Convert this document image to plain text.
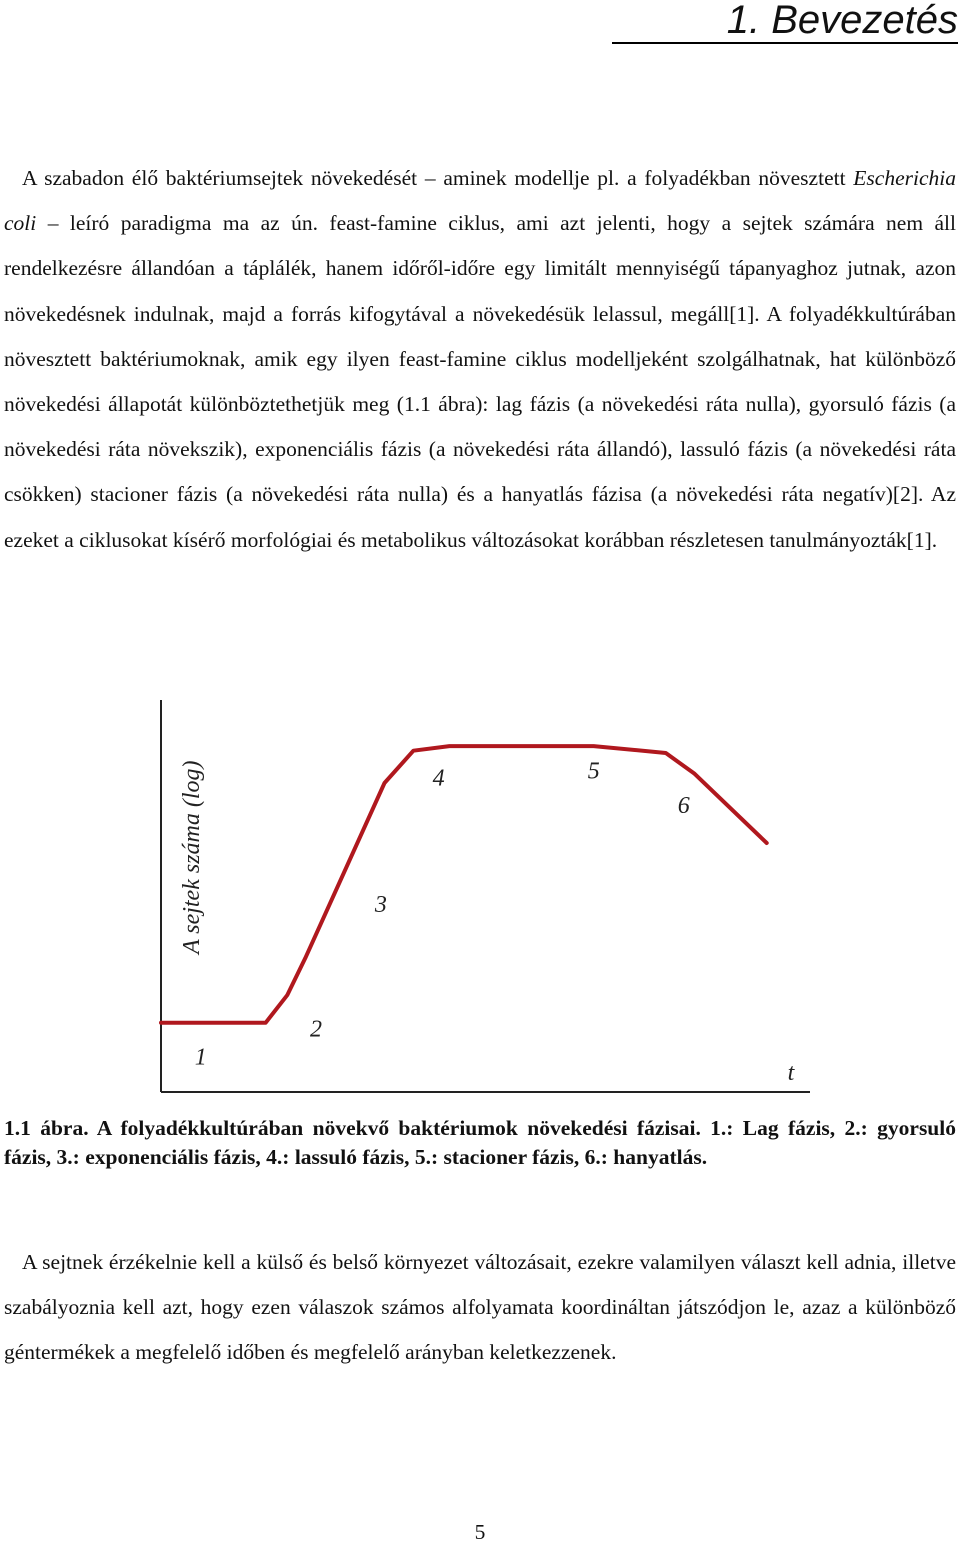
1. Bevezetés

A szabadon élő baktériumsejtek növekedését – aminek modellje pl. a folyadékban növesztett Escherichia coli – leíró paradigma ma az ún. feast-famine ciklus, ami azt jelenti, hogy a sejtek számára nem áll rendelkezésre állandóan a táplálék, hanem időről-időre egy limitált mennyiségű tápanyaghoz jutnak, azon növekedésnek indulnak, majd a forrás kifogytával a növekedésük lelassul, megáll[1]. A folyadékkultúrában növesztett baktériumoknak, amik egy ilyen feast-famine ciklus modelljeként szolgálhatnak, hat különböző növekedési állapotát különböztethetjük meg (1.1 ábra): lag fázis (a növekedési ráta nulla), gyorsuló fázis (a növekedési ráta növekszik), exponenciális fázis (a növekedési ráta állandó), lassuló fázis (a növekedési ráta csökken) stacioner fázis (a növekedési ráta nulla) és a hanyatlás fázisa (a növekedési ráta negatív)[2]. Az ezeket a ciklusokat kísérő morfológiai és metabolikus változásokat korábban részletesen tanulmányozták[1].

A sejtek száma (log)
t
1
2
3
4	5
6

1.1 ábra. A folyadékkultúrában növekvő baktériumok növekedési fázisai. 1.: Lag fázis, 2.: gyorsuló fázis, 3.: exponenciális fázis, 4.: lassuló fázis, 5.: stacioner fázis, 6.: hanyatlás.

A sejtnek érzékelnie kell a külső és belső környezet változásait, ezekre valamilyen választ kell adnia, illetve szabályoznia kell azt, hogy ezen válaszok számos alfolyamata koordináltan játszódjon le, azaz a különböző géntermékek a megfelelő időben és megfelelő arányban keletkezzenek.

5
